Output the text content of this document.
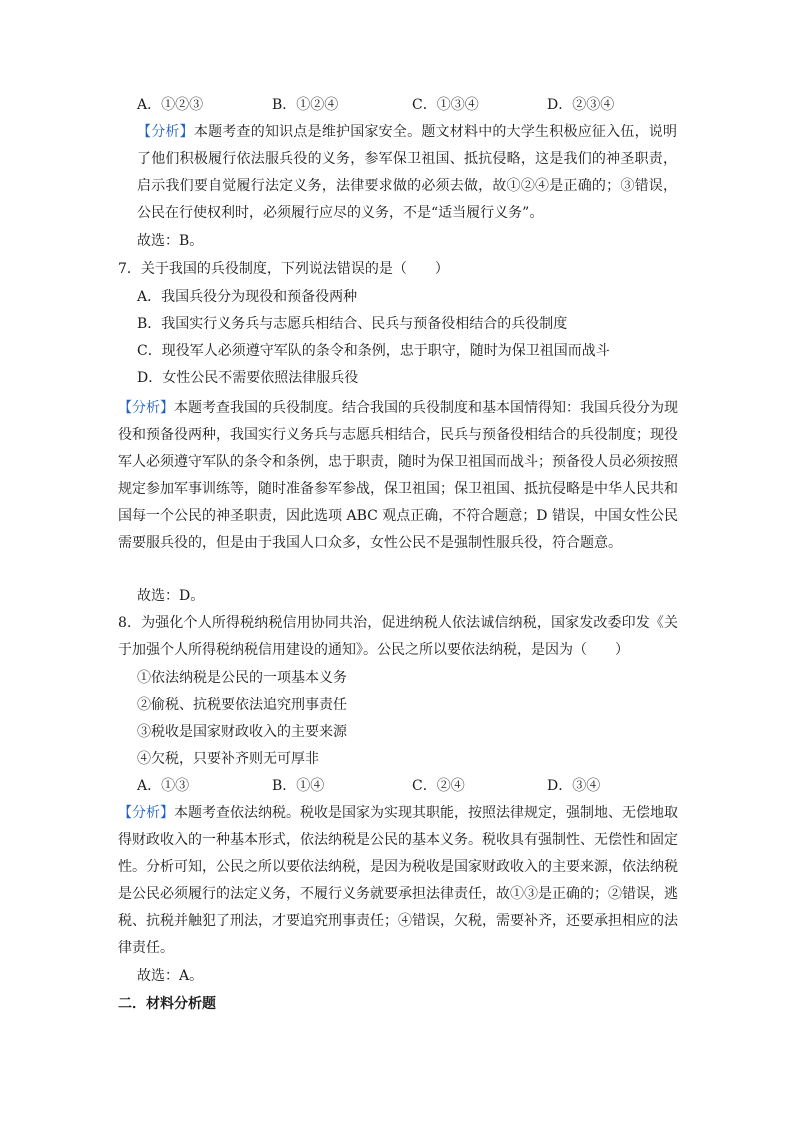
A．①②③	B．①②④	C．①③④	D．②③④
【分析】本题考查的知识点是维护国家安全。题文材料中的大学生积极应征入伍，说明了他们积极履行依法服兵役的义务，参军保卫祖国、抵抗侵略，这是我们的神圣职责，启示我们要自觉履行法定义务，法律要求做的必须去做，故①②④是正确的；③错误，公民在行使权利时，必须履行应尽的义务，不是“适当履行义务”。
故选：B。
7．关于我国的兵役制度，下列说法错误的是（　　）
A．我国兵役分为现役和预备役两种
B．我国实行义务兵与志愿兵相结合、民兵与预备役相结合的兵役制度
C．现役军人必须遵守军队的条令和条例，忠于职守，随时为保卫祖国而战斗
D．女性公民不需要依照法律服兵役
【分析】本题考查我国的兵役制度。结合我国的兵役制度和基本国情得知：我国兵役分为现役和预备役两种，我国实行义务兵与志愿兵相结合，民兵与预备役相结合的兵役制度；现役军人必须遵守军队的条令和条例，忠于职责，随时为保卫祖国而战斗；预备役人员必须按照规定参加军事训练等，随时准备参军参战，保卫祖国；保卫祖国、抵抗侵略是中华人民共和国每一个公民的神圣职责，因此选项 ABC 观点正确，不符合题意；D 错误，中国女性公民需要服兵役的，但是由于我国人口众多，女性公民不是强制性服兵役，符合题意。
故选：D。
8．为强化个人所得税纳税信用协同共治，促进纳税人依法诚信纳税，国家发改委印发《关于加强个人所得税纳税信用建设的通知》。公民之所以要依法纳税，是因为（　　）
①依法纳税是公民的一项基本义务
②偷税、抗税要依法追究刑事责任
③税收是国家财政收入的主要来源
④欠税，只要补齐则无可厚非
A．①③	B．①④	C．②④	D．③④
【分析】本题考查依法纳税。税收是国家为实现其职能，按照法律规定，强制地、无偿地取得财政收入的一种基本形式，依法纳税是公民的基本义务。税收具有强制性、无偿性和固定性。分析可知，公民之所以要依法纳税，是因为税收是国家财政收入的主要来源，依法纳税是公民必须履行的法定义务，不履行义务就要承担法律责任，故①③是正确的；②错误，逃税、抗税并触犯了刑法，才要追究刑事责任；④错误，欠税，需要补齐，还要承担相应的法律责任。
故选：A。
二．材料分析题
